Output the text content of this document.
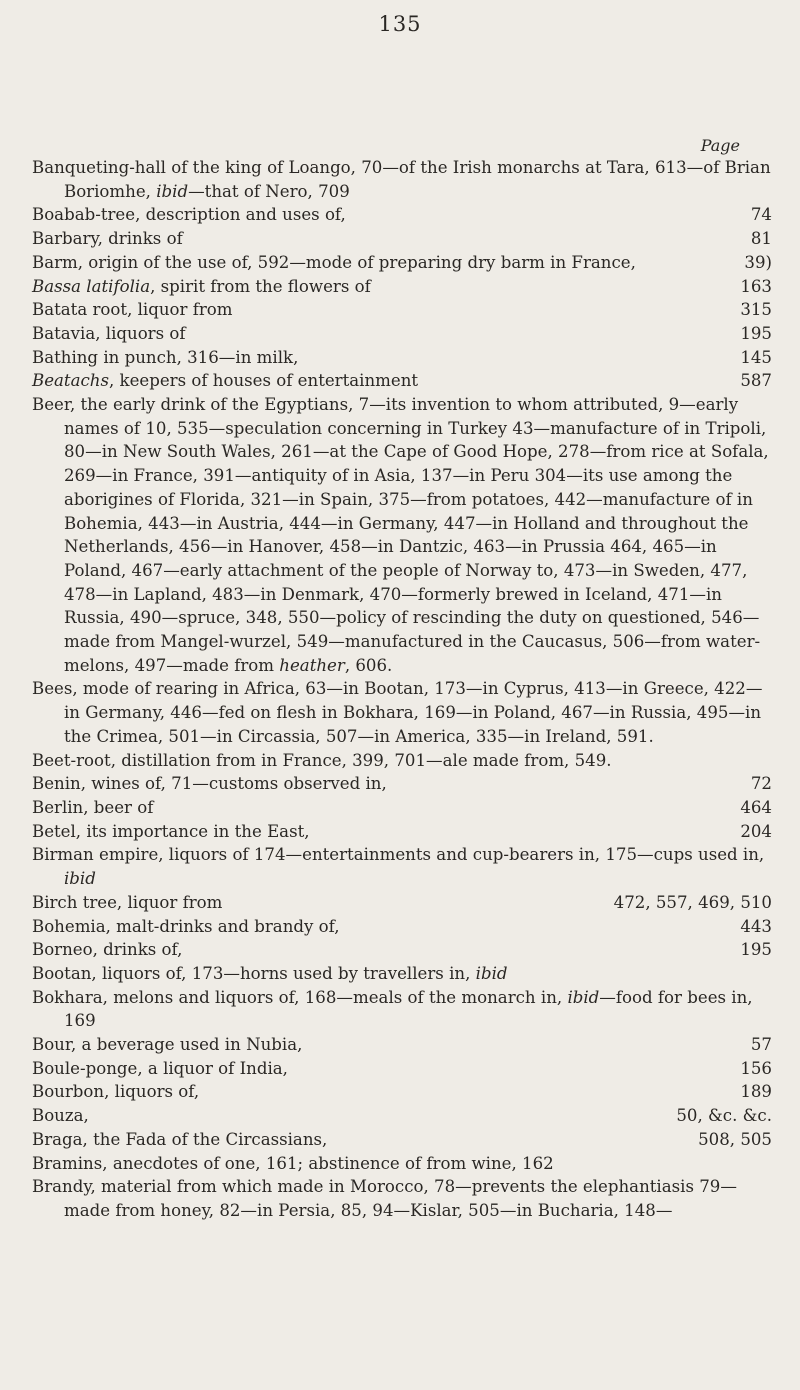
135
Page
Banqueting-hall of the king of Loango, 70—of the Irish monarchs at Tara, 613—of Brian Boriomhe, ibid—that of Nero, 709
Boabab-tree, description and uses of,	74
Barbary, drinks of	81
Barm, origin of the use of, 592—mode of preparing dry barm in France,	39)
Bassa latifolia, spirit from the flowers of	163
Batata root, liquor from	315
Batavia, liquors of	195
Bathing in punch, 316—in milk,	145
Beatachs, keepers of houses of entertainment	587
Beer, the early drink of the Egyptians, 7—its invention to whom attributed, 9—early names of 10, 535—speculation concerning in Turkey 43—manufacture of in Tripoli, 80—in New South Wales, 261—at the Cape of Good Hope, 278—from rice at Sofala, 269—in France, 391—antiquity of in Asia, 137—in Peru 304—its use among the aborigines of Florida, 321—in Spain, 375—from potatoes, 442—manufacture of in Bohemia, 443—in Austria, 444—in Germany, 447—in Holland and throughout the Netherlands, 456—in Hanover, 458—in Dantzic, 463—in Prussia 464, 465—in Poland, 467—early attachment of the people of Norway to, 473—in Sweden, 477, 478—in Lapland, 483—in Denmark, 470—formerly brewed in Iceland, 471—in Russia, 490—spruce, 348, 550—policy of rescinding the duty on questioned, 546—made from Mangel-wurzel, 549—manufactured in the Caucasus, 506—from water-melons, 497—made from heather, 606.
Bees, mode of rearing in Africa, 63—in Bootan, 173—in Cyprus, 413—in Greece, 422—in Germany, 446—fed on flesh in Bokhara, 169—in Poland, 467—in Russia, 495—in the Crimea, 501—in Circassia, 507—in America, 335—in Ireland, 591.
Beet-root, distillation from in France, 399, 701—ale made from, 549.
Benin, wines of, 71—customs observed in,	72
Berlin, beer of	464
Betel, its importance in the East,	204
Birman empire, liquors of 174—entertainments and cup-bearers in, 175—cups used in, ibid
Birch tree, liquor from	472, 557, 469, 510
Bohemia, malt-drinks and brandy of,	443
Borneo, drinks of,	195
Bootan, liquors of, 173—horns used by travellers in, ibid
Bokhara, melons and liquors of, 168—meals of the monarch in, ibid—food for bees in, 169
Bour, a beverage used in Nubia,	57
Boule-ponge, a liquor of India,	156
Bourbon, liquors of,	189
Bouza,	50, &c. &c.
Braga, the Fada of the Circassians,	508, 505
Bramins, anecdotes of one, 161; abstinence of from wine, 162
Brandy, material from which made in Morocco, 78—prevents the elephantiasis 79—made from honey, 82—in Persia, 85, 94—Kislar, 505—in Bucharia, 148—
